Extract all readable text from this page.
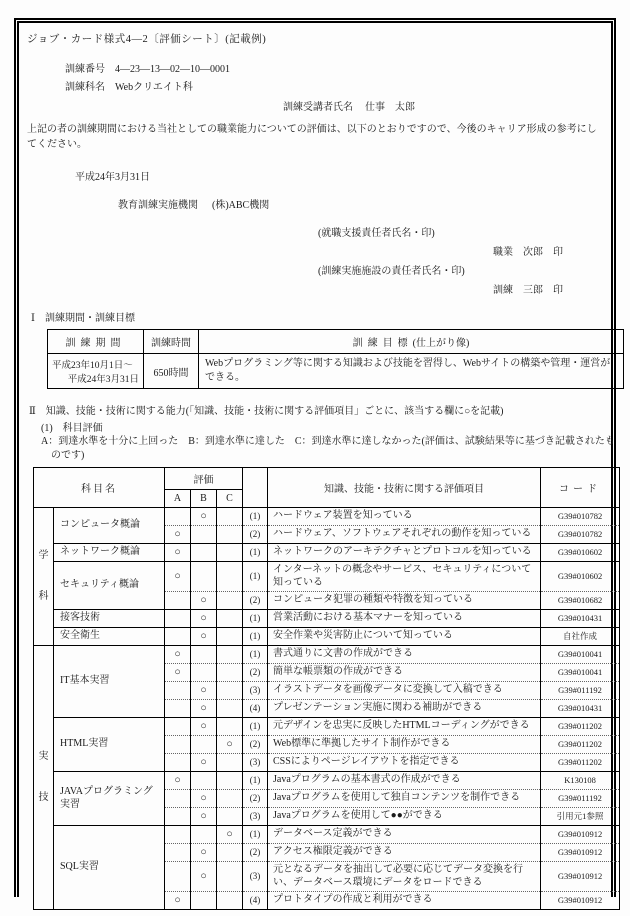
ジョブ・カード様式4―2〔評価シート〕(記載例)
訓練番号 4―23―13―02―10―0001
訓練科名 Webクリエイト科
訓練受講者氏名 仕事　太郎
上記の者の訓練期間における当社としての職業能力についての評価は、以下のとおりですので、今後のキャリア形成の参考にしてください。
平成24年3月31日
教育訓練実施機関 (株)ABC機関
(就職支援責任者氏名・印)
職業　次郎　印
(訓練実施施設の責任者氏名・印)
訓練　三郎　印
Ⅰ　訓練期間・訓練目標
訓練期間	訓練時間	訓練目標(仕上がり像)

平成23年10月1日〜
平成24年3月31日	650時間	Webプログラミング等に関する知識および技能を習得し、Webサイトの構築や管理・運営ができる。
Ⅱ　知識、技能・技術に関する能力(「知識、技能・技術に関する評価項目」ごとに、該当する欄に○を記載)
(1)　科目評価
A：到達水準を十分に上回った　B：到達水準に達した　C：到達水準に達しなかった(評価は、試験結果等に基づき記載されたものです)
科目名		評価				知識、技能・技術に関する評価項目	コード
		A	B	C			

学
科	コンピュータ概論		○		(1)	ハードウェア装置を知っている	G39#010782
		○			(2)	ハードウェア、ソフトウェアそれぞれの動作を知っている	G39#010782
	ネットワーク概論	○			(1)	ネットワークのアーキテクチャとプロトコルを知っている	G39#010602
	セキュリティ概論	○			(1)	インターネットの概念やサービス、セキュリティについて知っている	G39#010602
			○		(2)	コンピュータ犯罪の種類や特徴を知っている	G39#010682
	接客技術		○		(1)	営業活動における基本マナーを知っている	G39#010431
	安全衛生		○		(1)	安全作業や災害防止について知っている	自社作成

実
技	IT基本実習	○			(1)	書式通りに文書の作成ができる	G39#010041
		○			(2)	簡単な帳票類の作成ができる	G39#010041
			○		(3)	イラストデータを画像データに変換して入稿できる	G39#011192
			○		(4)	プレゼンテーション実施に関わる補助ができる	G39#010431
	HTML実習		○		(1)	元デザインを忠実に反映したHTMLコーディングができる	G39#011202
				○	(2)	Web標準に準拠したサイト制作ができる	G39#011202
			○		(3)	CSSによりページレイアウトを指定できる	G39#011202
	JAVAプログラミング実習	○			(1)	Javaプログラムの基本書式の作成ができる	K130108
			○		(2)	Javaプログラムを使用して独自コンテンツを制作できる	G39#011192
			○		(3)	Javaプログラムを使用して●●ができる	引用元1参照
	SQL実習			○	(1)	データベース定義ができる	G39#010912
			○		(2)	アクセス権限定義ができる	G39#010912
			○		(3)	元となるデータを抽出して必要に応じてデータ変換を行い、データベース環境にデータをロードできる	G39#010912
		○			(4)	プロトタイプの作成と利用ができる	G39#010912
